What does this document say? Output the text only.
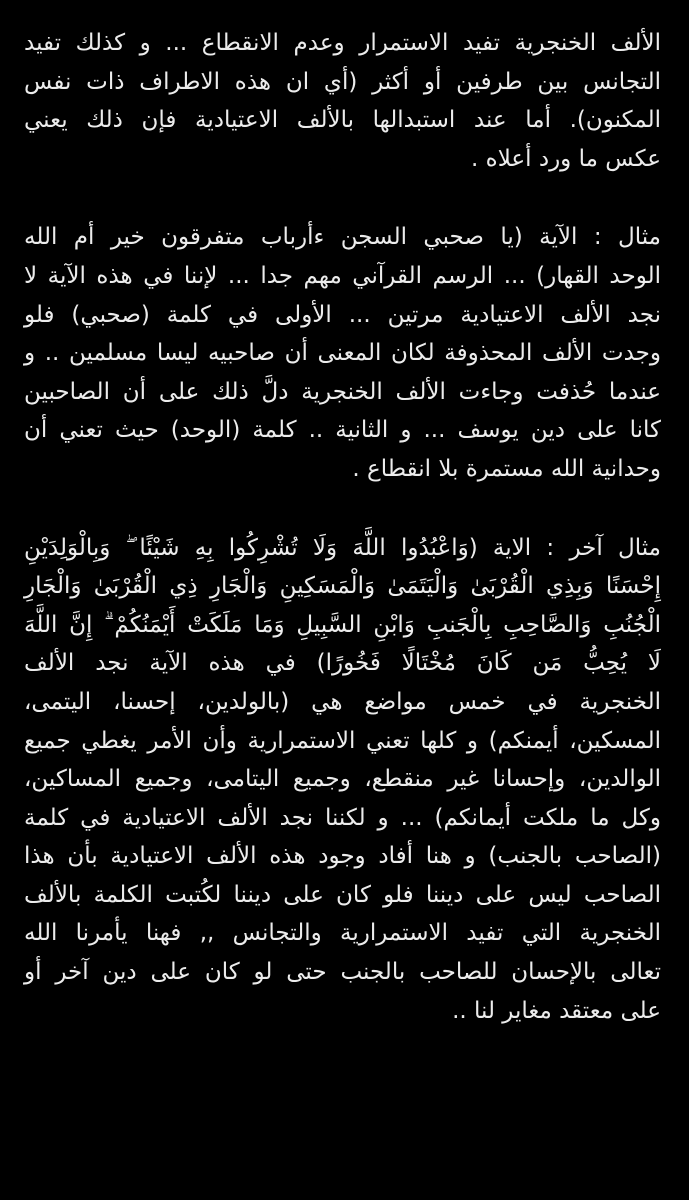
الألف الخنجرية تفيد الاستمرار وعدم الانقطاع ... و كذلك تفيد
التجانس بين طرفين أو أكثر (أي ان هذه الاطراف ذات نفس
المكنون). أما عند استبدالها بالألف الاعتيادية فإن ذلك يعني
عكس ما ورد أعلاه .

مثال : الآية (يا صحبي السجن ءأرباب متفرقون خير أم الله
الوحد القهار) ... الرسم القرآني مهم جدا ... لإننا في هذه الآية لا
نجد الألف الاعتيادية مرتين ... الأولى في كلمة (صحبي) فلو
وجدت الألف المحذوفة لكان المعنى أن صاحبيه ليسا مسلمين .. و
عندما حُذفت وجاءت الألف الخنجرية دلَّ ذلك على أن الصاحبين
كانا على دين يوسف ... و الثانية .. كلمة (الوحد) حيث تعني أن
وحدانية الله مستمرة بلا انقطاع .

مثال آخر : الاية (وَاعْبُدُوا اللَّهَ وَلَا تُشْرِكُوا بِهِ شَيْئًا ۖ وَبِالْوَلِدَيْنِ
إِحْسَنًا وَبِذِي الْقُرْبَىٰ وَالْيَتَمَىٰ وَالْمَسَكِينِ وَالْجَارِ ذِي الْقُرْبَىٰ وَالْجَارِ
الْجُنُبِ وَالصَّاحِبِ بِالْجَنبِ وَابْنِ السَّبِيلِ وَمَا مَلَكَتْ أَيْمَنُكُمْ ۗ إِنَّ اللَّهَ
لَا يُحِبُّ مَن كَانَ مُخْتَالًا فَخُورًا) في هذه الآية نجد الألف
الخنجرية في خمس مواضع هي (بالولدين، إحسنا، اليتمى،
المسكين، أيمنكم) و كلها تعني الاستمرارية وأن الأمر يغطي جميع
الوالدين، وإحسانا غير منقطع، وجميع اليتامى، وجميع المساكين،
وكل ما ملكت أيمانكم) ... و لكننا نجد الألف الاعتيادية في كلمة
(الصاحب بالجنب) و هنا أفاد وجود هذه الألف الاعتيادية بأن هذا
الصاحب ليس على ديننا فلو كان على ديننا لكُتبت الكلمة بالألف
الخنجرية التي تفيد الاستمرارية والتجانس ,, فهنا يأمرنا الله
تعالى بالإحسان للصاحب بالجنب حتى لو كان على دين آخر أو
على معتقد مغاير لنا ..
